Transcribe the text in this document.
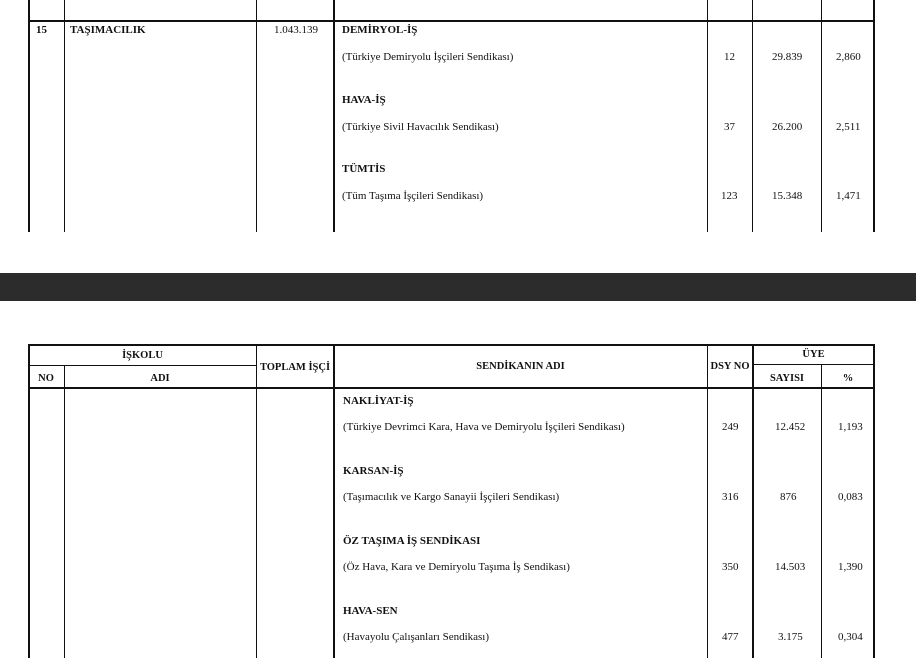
15 TAŞIMACILIK	1.043.139 DEMİRYOL-İŞ
(Türkiye Demiryolu İşçileri Sendikası)	12	29.839	2,860
HAVA-İŞ
(Türkiye Sivil Havacılık Sendikası)	37	26.200	2,511
TÜMTİS
(Tüm Taşıma İşçileri Sendikası)	123	15.348	1,471
İŞKOLU
NO	ADI
TOPLAM İŞÇİ	SENDİKANIN ADI	DSY NO
ÜYE
SAYISI	%
NAKLİYAT-İŞ
(Türkiye Devrimci Kara, Hava ve Demiryolu İşçileri Sendikası)	249	12.452	1,193
KARSAN-İŞ
(Taşımacılık ve Kargo Sanayii İşçileri Sendikası)	316	876	0,083
ÖZ TAŞIMA İŞ SENDİKASI
(Öz Hava, Kara ve Demiryolu Taşıma İş Sendikası)	350	14.503	1,390
HAVA-SEN
(Havayolu Çalışanları Sendikası)	477	3.175	0,304
